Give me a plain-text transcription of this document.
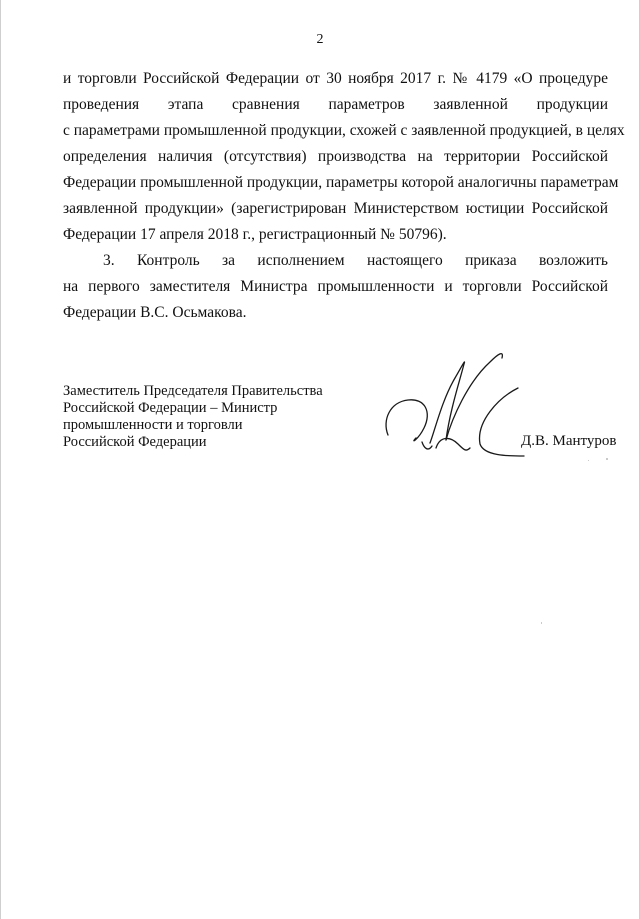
2
и торговли Российской Федерации от 30 ноября 2017 г. № 4179 «О процедуре
проведения этапа сравнения параметров заявленной продукции
с параметрами промышленной продукции, схожей с заявленной продукцией, в целях
определения наличия (отсутствия) производства на территории Российской
Федерации промышленной продукции, параметры которой аналогичны параметрам
заявленной продукции» (зарегистрирован Министерством юстиции Российской
Федерации 17 апреля 2018 г., регистрационный № 50796).
3. Контроль за исполнением настоящего приказа возложить
на первого заместителя Министра промышленности и торговли Российской
Федерации В.С. Осьмакова.
Заместитель Председателя Правительства
Российской Федерации – Министр
промышленности и торговли
Российской Федерации	Д.В. Мантуров
